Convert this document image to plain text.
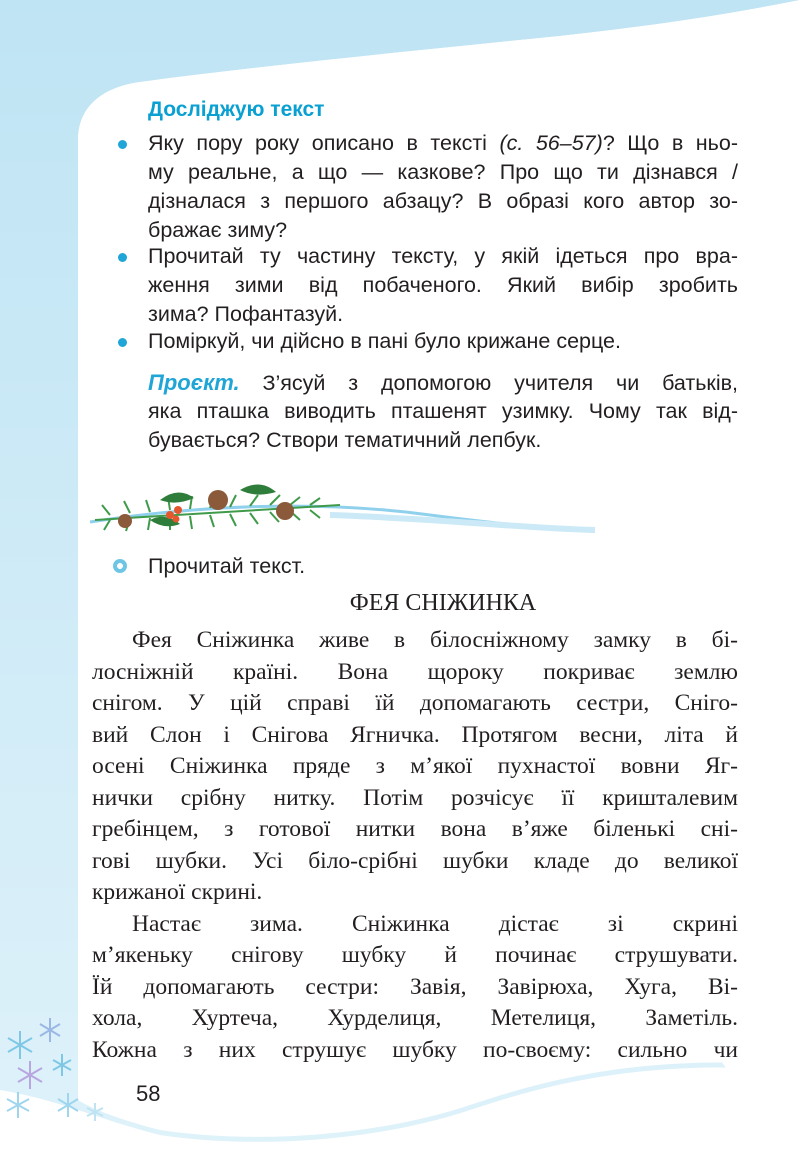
Досліджую текст
Яку пору року описано в тексті (с. 56–57)? Що в ньо-
му реальне, а що — казкове? Про що ти дізнався /
дізналася з першого абзацу? В образі кого автор зо-
бражає зиму?
Прочитай ту частину тексту, у якій ідеться про вра-
ження зими від побаченого. Який вибір зробить
зима? Пофантазуй.
Поміркуй, чи дійсно в пані було крижане серце.
Проєкт. З’ясуй з допомогою учителя чи батьків,
яка пташка виводить пташенят узимку. Чому так від-
бувається? Створи тематичний лепбук.
Прочитай текст.
ФЕЯ СНІЖИНКА
Фея Сніжинка живе в білосніжному замку в бі-
лосніжній країні. Вона щороку покриває землю
снігом. У цій справі їй допомагають сестри, Сніго-
вий Слон і Снігова Ягничка. Протягом весни, літа й
осені Сніжинка пряде з м’якої пухнастої вовни Яг-
нички срібну нитку. Потім розчісує її кришталевим
гребінцем, з готової нитки вона в’яже біленькі сні-
гові шубки. Усі біло-срібні шубки кладе до великої
крижаної скрині.
Настає зима. Сніжинка дістає зі скрині
м’якеньку снігову шубку й починає струшувати.
Їй допомагають сестри: Завія, Завірюха, Хуга, Ві-
хола, Хуртеча, Хурделиця, Метелиця, Заметіль.
Кожна з них струшує шубку по-своєму: сильно чи
58
